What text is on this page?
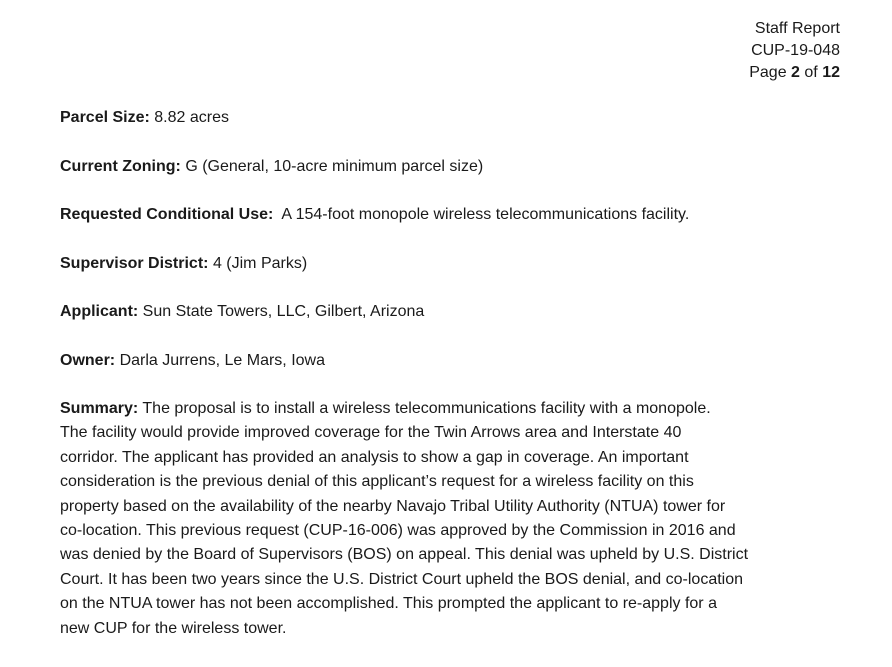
Staff Report
CUP-19-048
Page 2 of 12

Parcel Size: 8.82 acres

Current Zoning: G (General, 10-acre minimum parcel size)

Requested Conditional Use: A 154-foot monopole wireless telecommunications facility.

Supervisor District: 4 (Jim Parks)

Applicant: Sun State Towers, LLC, Gilbert, Arizona

Owner: Darla Jurrens, Le Mars, Iowa

Summary: The proposal is to install a wireless telecommunications facility with a monopole.
The facility would provide improved coverage for the Twin Arrows area and Interstate 40
corridor. The applicant has provided an analysis to show a gap in coverage. An important
consideration is the previous denial of this applicant’s request for a wireless facility on this
property based on the availability of the nearby Navajo Tribal Utility Authority (NTUA) tower for
co-location. This previous request (CUP-16-006) was approved by the Commission in 2016 and
was denied by the Board of Supervisors (BOS) on appeal. This denial was upheld by U.S. District
Court. It has been two years since the U.S. District Court upheld the BOS denial, and co-location
on the NTUA tower has not been accomplished. This prompted the applicant to re-apply for a
new CUP for the wireless tower.
